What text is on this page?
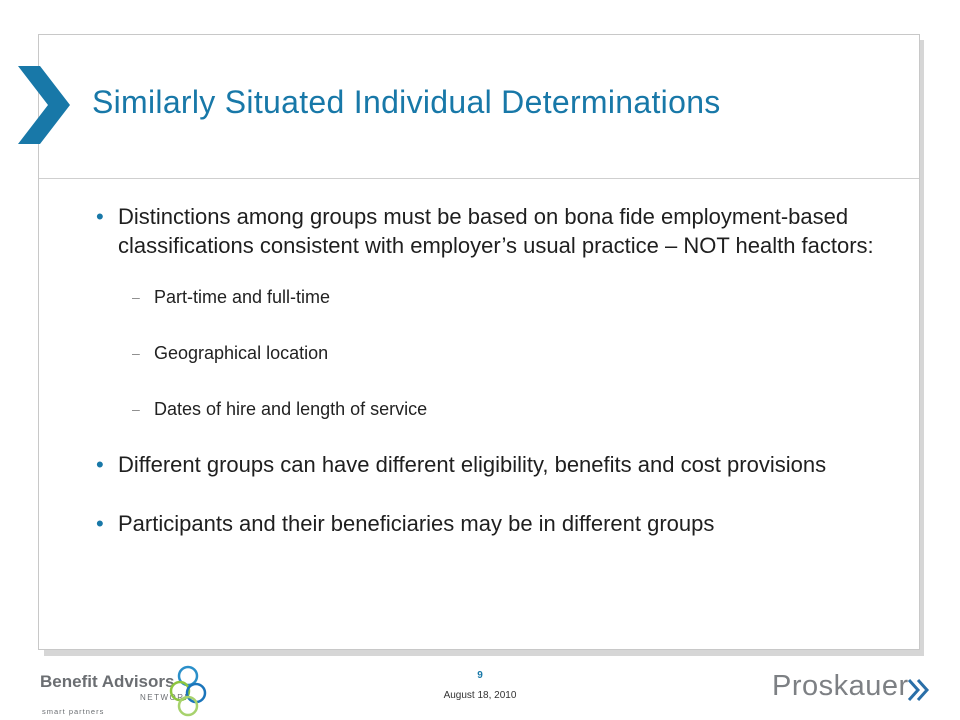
Similarly Situated Individual Determinations
• Distinctions among groups must be based on bona fide employment-based classifications consistent with employer’s usual practice – NOT health factors:
– Part-time and full-time
– Geographical location
– Dates of hire and length of service
• Different groups can have different eligibility, benefits and cost provisions
• Participants and their beneficiaries may be in different groups
Benefit Advisors
NETWORK
smart partners
9
August 18, 2010	Proskauer
